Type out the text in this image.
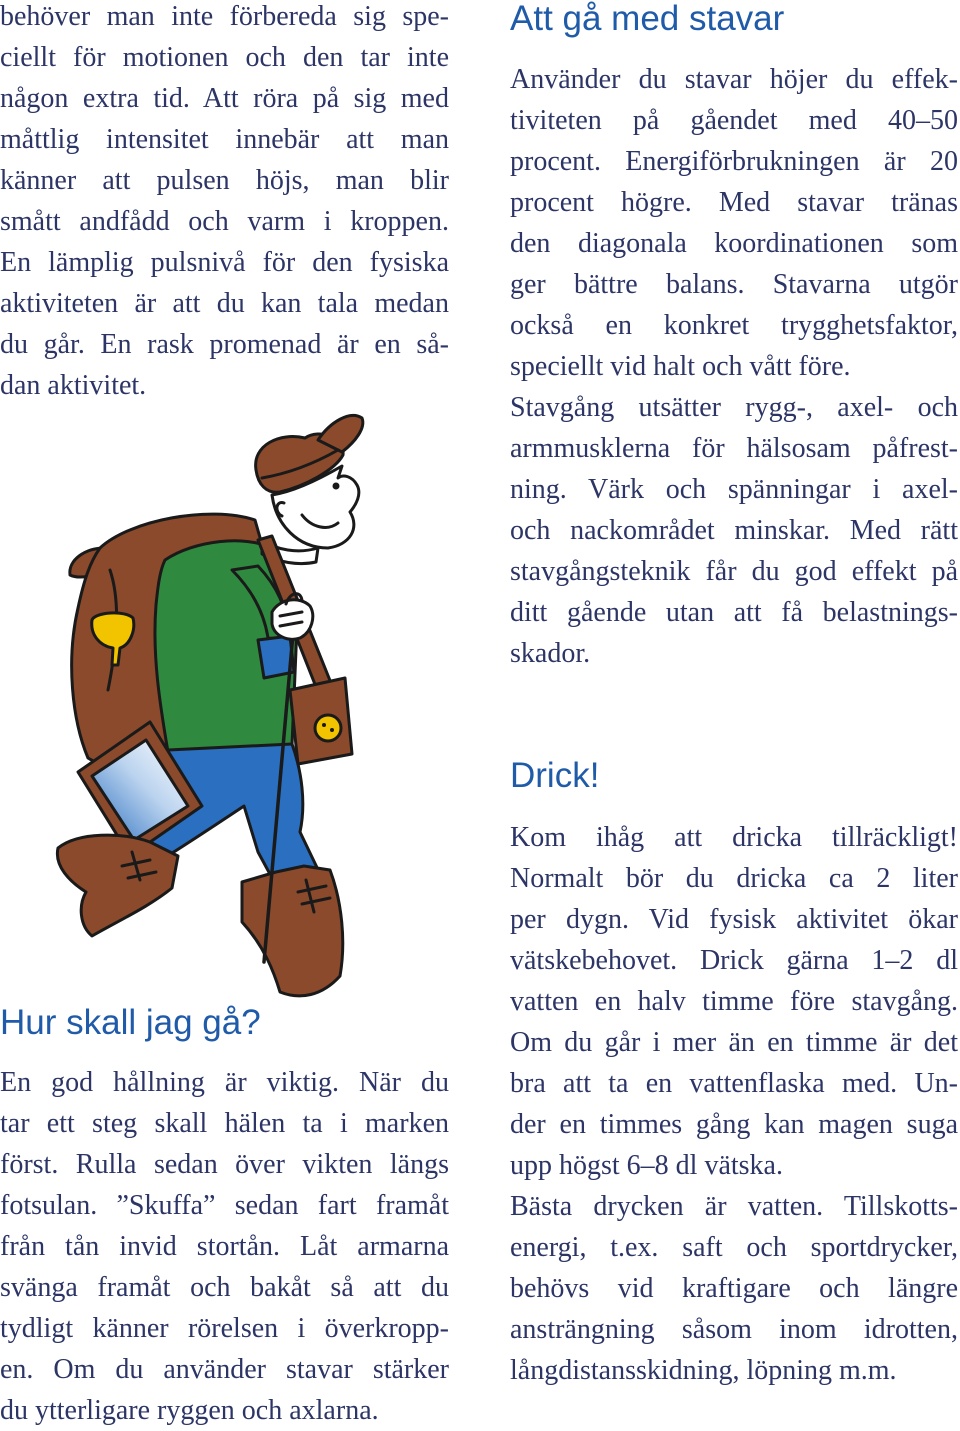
behöver man inte förbereda sig spe-
ciellt för motionen och den tar inte
någon extra tid. Att röra på sig med
måttlig intensitet innebär att man
känner att pulsen höjs, man blir
smått andfådd och varm i kroppen.
En lämplig pulsnivå för den fysiska
aktiviteten är att du kan tala medan
du går. En rask promenad är en så-
dan aktivitet.
Hur skall jag gå?
En god hållning är viktig. När du
tar ett steg skall hälen ta i marken
först. Rulla sedan över vikten längs
fotsulan. ”Skuffa” sedan fart framåt
från tån invid stortån. Låt armarna
svänga framåt och bakåt så att du
tydligt känner rörelsen i överkropp-
en. Om du använder stavar stärker
du ytterligare ryggen och axlarna.
Att gå med stavar
Använder du stavar höjer du effek-
tiviteten på gåendet med 40–50
procent. Energiförbrukningen är 20
procent högre. Med stavar tränas
den diagonala koordinationen som
ger bättre balans. Stavarna utgör
också en konkret trygghetsfaktor,
speciellt vid halt och vått före.
Stavgång utsätter rygg-, axel- och
armmusklerna för hälsosam påfrest-
ning. Värk och spänningar i axel-
och nackområdet minskar. Med rätt
stavgångsteknik får du god effekt på
ditt gående utan att få belastnings-
skador.
Drick!
Kom ihåg att dricka tillräckligt!
Normalt bör du dricka ca 2 liter
per dygn. Vid fysisk aktivitet ökar
vätskebehovet. Drick gärna 1–2 dl
vatten en halv timme före stavgång.
Om du går i mer än en timme är det
bra att ta en vattenflaska med. Un-
der en timmes gång kan magen suga
upp högst 6–8 dl vätska.
Bästa drycken är vatten. Tillskotts-
energi, t.ex. saft och sportdrycker,
behövs vid kraftigare och längre
ansträngning såsom inom idrotten,
långdistansskidning, löpning m.m.
